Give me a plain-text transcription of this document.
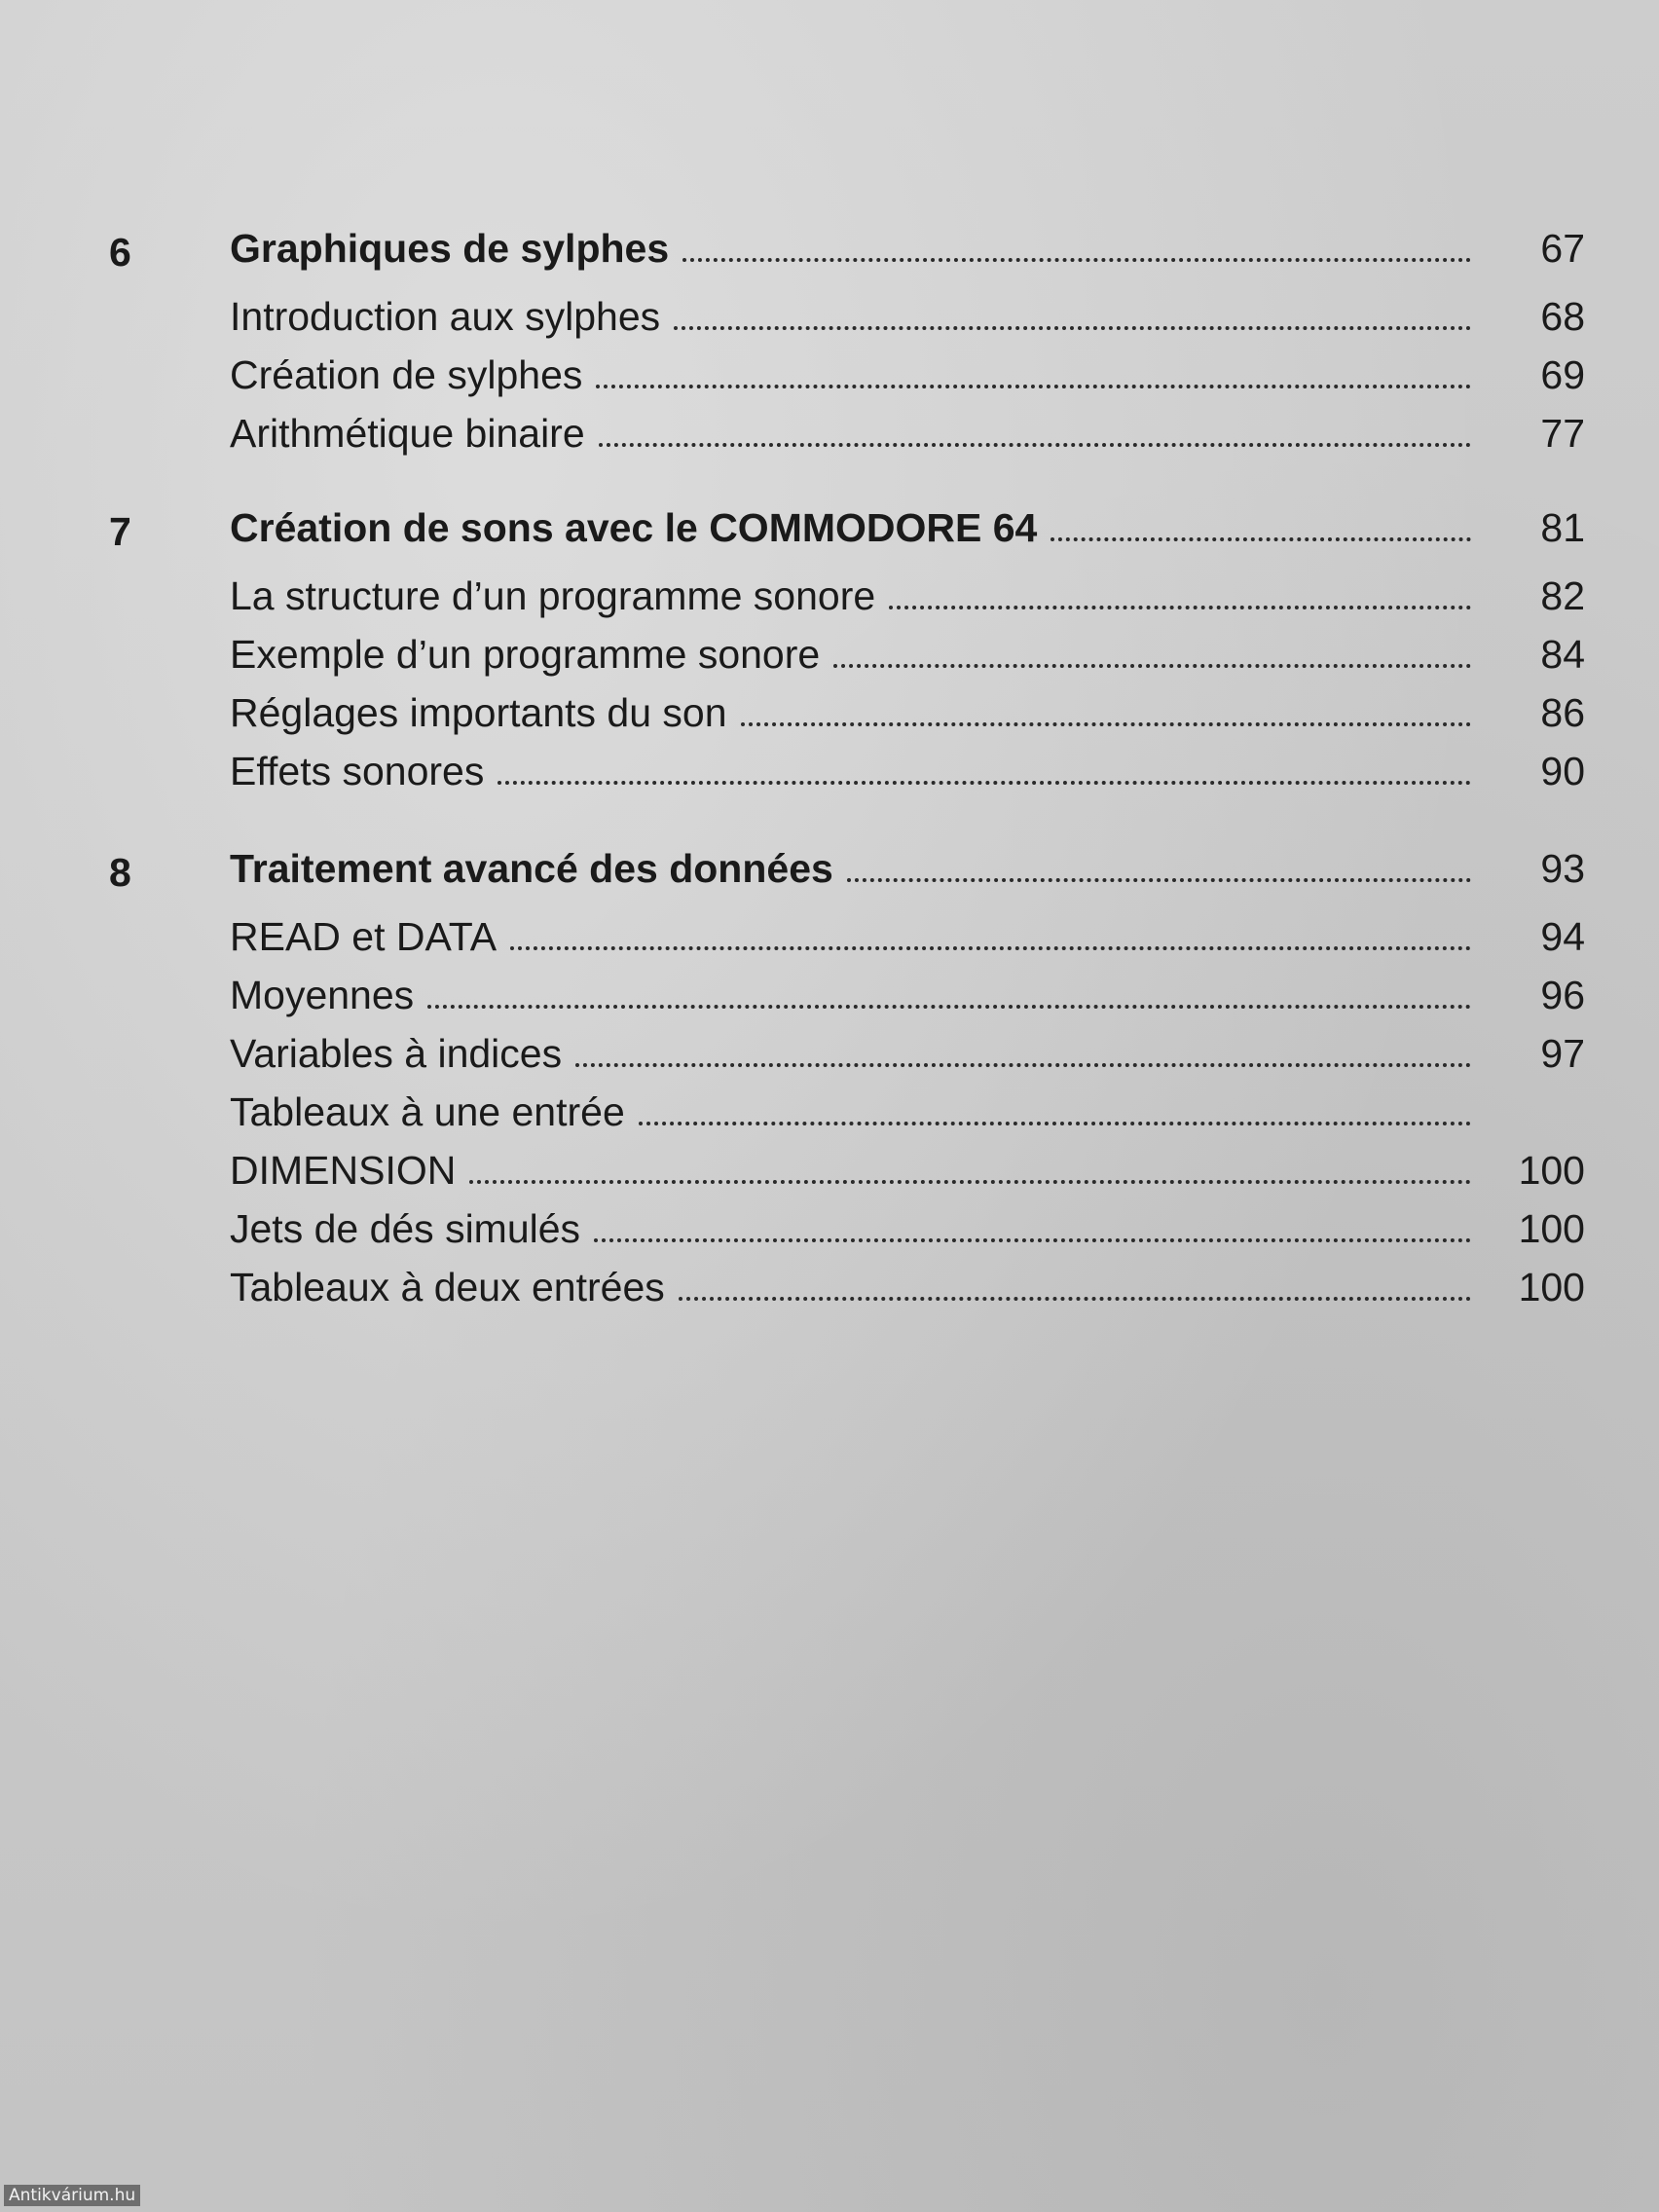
6	Graphiques de sylphes	67
Introduction aux sylphes	68
Création de sylphes	69
Arithmétique binaire	77
7	Création de sons avec le COMMODORE 64	81
La structure d’un programme sonore	82
Exemple d’un programme sonore	84
Réglages importants du son	86
Effets sonores	90
8	Traitement avancé des données	93
READ et DATA	94
Moyennes	96
Variables à indices	97
Tableaux à une entrée
DIMENSION	100
Jets de dés simulés	100
Tableaux à deux entrées	100
Antikvárium.hu
